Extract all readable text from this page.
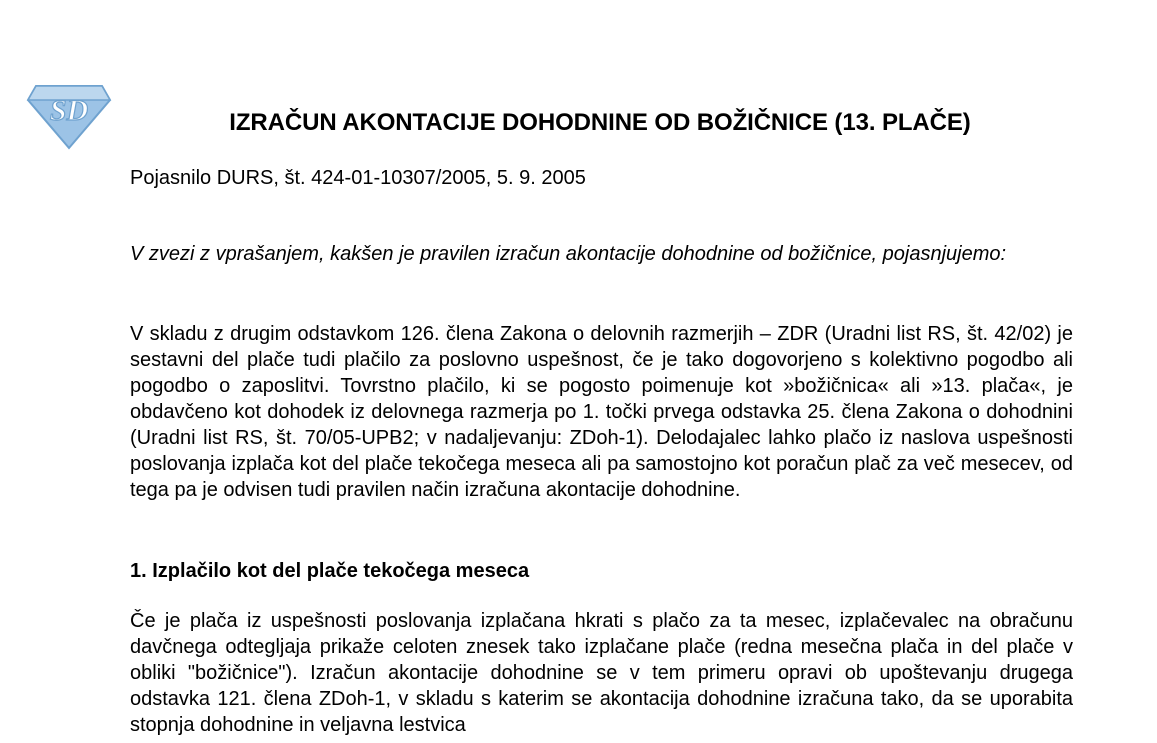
SD	IZRAČUN AKONTACIJE DOHODNINE OD BOŽIČNICE (13. PLAČE)

Pojasnilo DURS, št. 424-01-10307/2005, 5. 9. 2005

V zvezi z vprašanjem, kakšen je pravilen izračun akontacije dohodnine od božičnice, pojasnjujemo:

V skladu z drugim odstavkom 126. člena Zakona o delovnih razmerjih – ZDR (Uradni list RS, št. 42/02) je sestavni del plače tudi plačilo za poslovno uspešnost, če je tako dogovorjeno s kolektivno pogodbo ali pogodbo o zaposlitvi. Tovrstno plačilo, ki se pogosto poimenuje kot »božičnica« ali »13. plača«, je obdavčeno kot dohodek iz delovnega razmerja po 1. točki prvega odstavka 25. člena Zakona o dohodnini (Uradni list RS, št. 70/05-UPB2; v nadaljevanju: ZDoh-1). Delodajalec lahko plačo iz naslova uspešnosti poslovanja izplača kot del plače tekočega meseca ali pa samostojno kot poračun plač za več mesecev, od tega pa je odvisen tudi pravilen način izračuna akontacije dohodnine.

1. Izplačilo kot del plače tekočega meseca

Če je plača iz uspešnosti poslovanja izplačana hkrati s plačo za ta mesec, izplačevalec na obračunu davčnega odtegljaja prikaže celoten znesek tako izplačane plače (redna mesečna plača in del plače v obliki "božičnice"). Izračun akontacije dohodnine se v tem primeru opravi ob upoštevanju drugega odstavka 121. člena ZDoh-1, v skladu s katerim se akontacija dohodnine izračuna tako, da se uporabita stopnja dohodnine in veljavna lestvica
